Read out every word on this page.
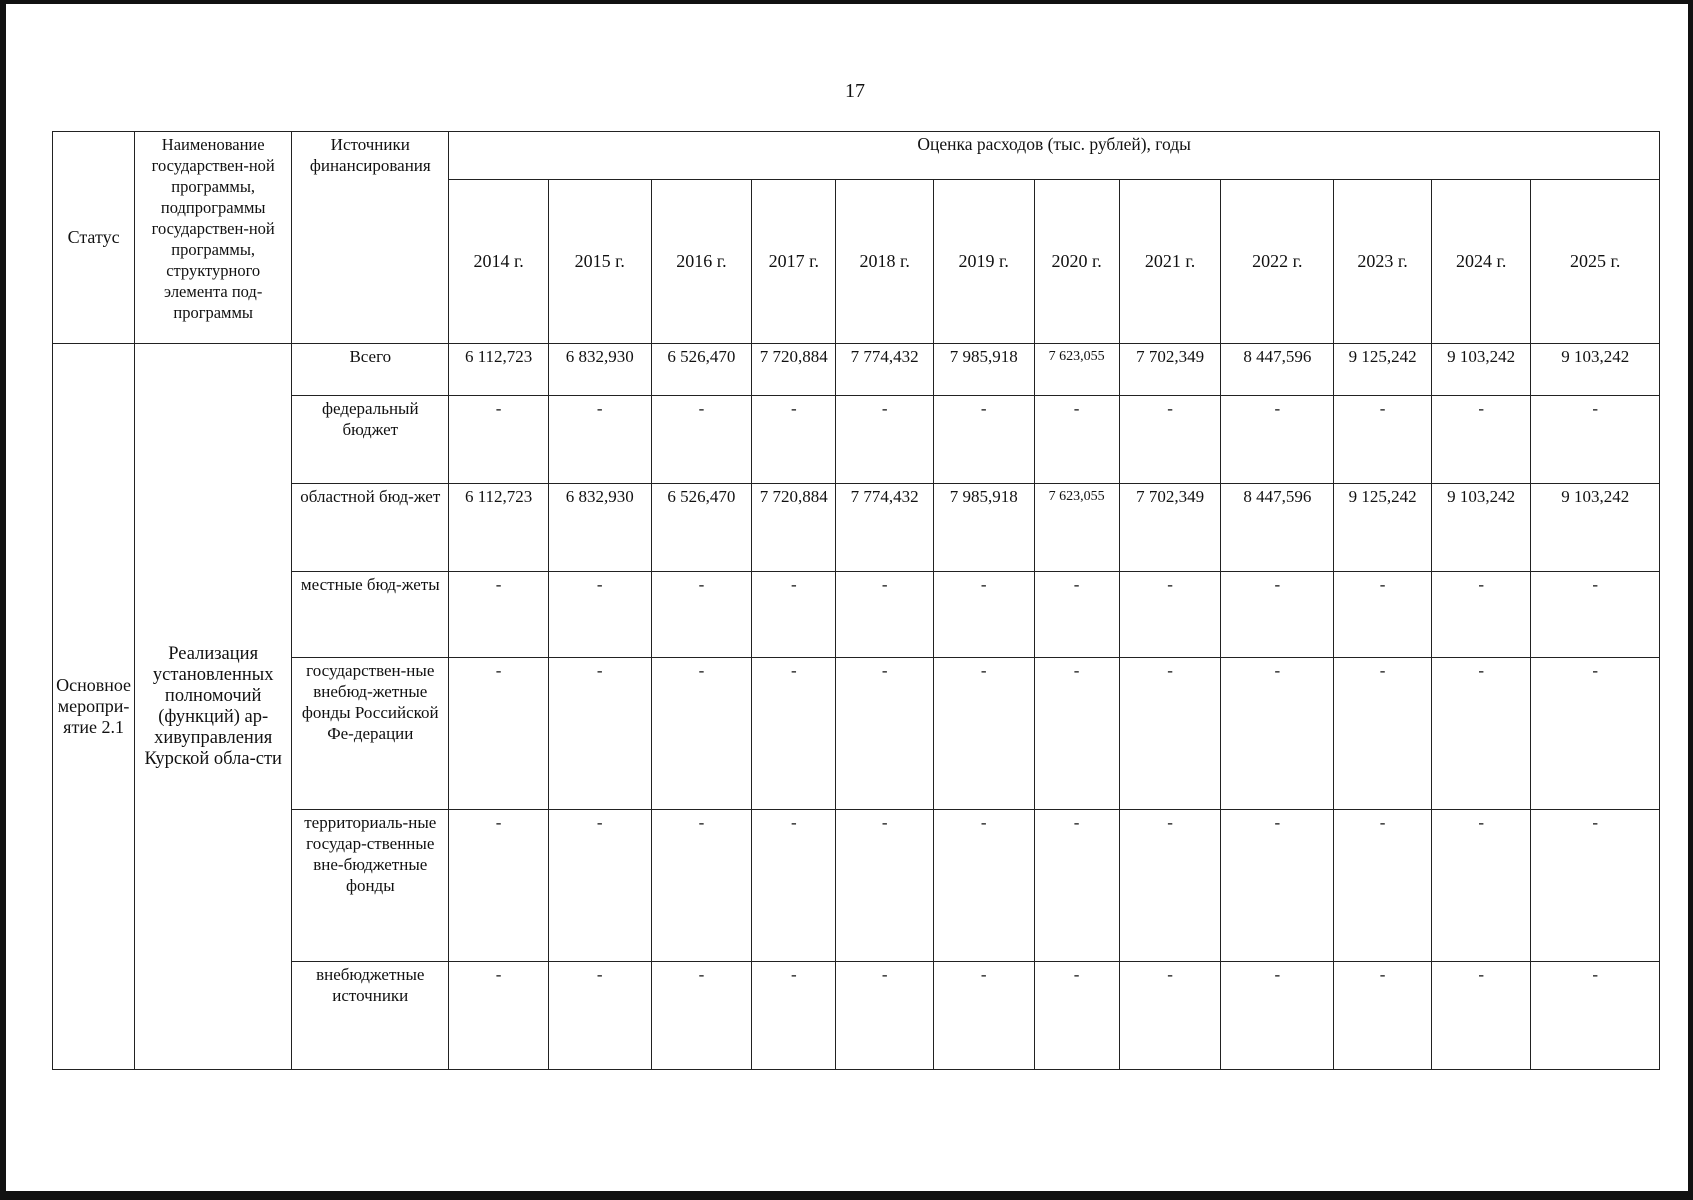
17
Статус	Наименование государствен-ной программы, подпрограммы государствен-ной программы, структурного элемента под-программы	Источники финансирования	Оценка расходов (тыс. рублей), годы											
			2014 г.	2015 г.	2016 г.	2017 г.	2018 г.	2019 г.	2020 г.	2021 г.	2022 г.	2023 г.	2024 г.	2025 г.
Основное меропри-ятие 2.1	Реализация установленных полномочий (функций) ар-хивуправления Курской обла-сти	Всего	6 112,723	6 832,930	6 526,470	7 720,884	7 774,432	7 985,918	7 623,055	7 702,349	8 447,596	9 125,242	9 103,242	9 103,242
		федеральный бюджет	-	-	-	-	-	-	-	-	-	-	-	-
		областной бюд-жет	6 112,723	6 832,930	6 526,470	7 720,884	7 774,432	7 985,918	7 623,055	7 702,349	8 447,596	9 125,242	9 103,242	9 103,242
		местные бюд-жеты	-	-	-	-	-	-	-	-	-	-	-	-
		государствен-ные внебюд-жетные фонды Российской Фе-дерации	-	-	-	-	-	-	-	-	-	-	-	-
		территориаль-ные государ-ственные вне-бюджетные фонды	-	-	-	-	-	-	-	-	-	-	-	-
		внебюджетные источники	-	-	-	-	-	-	-	-	-	-	-	-
